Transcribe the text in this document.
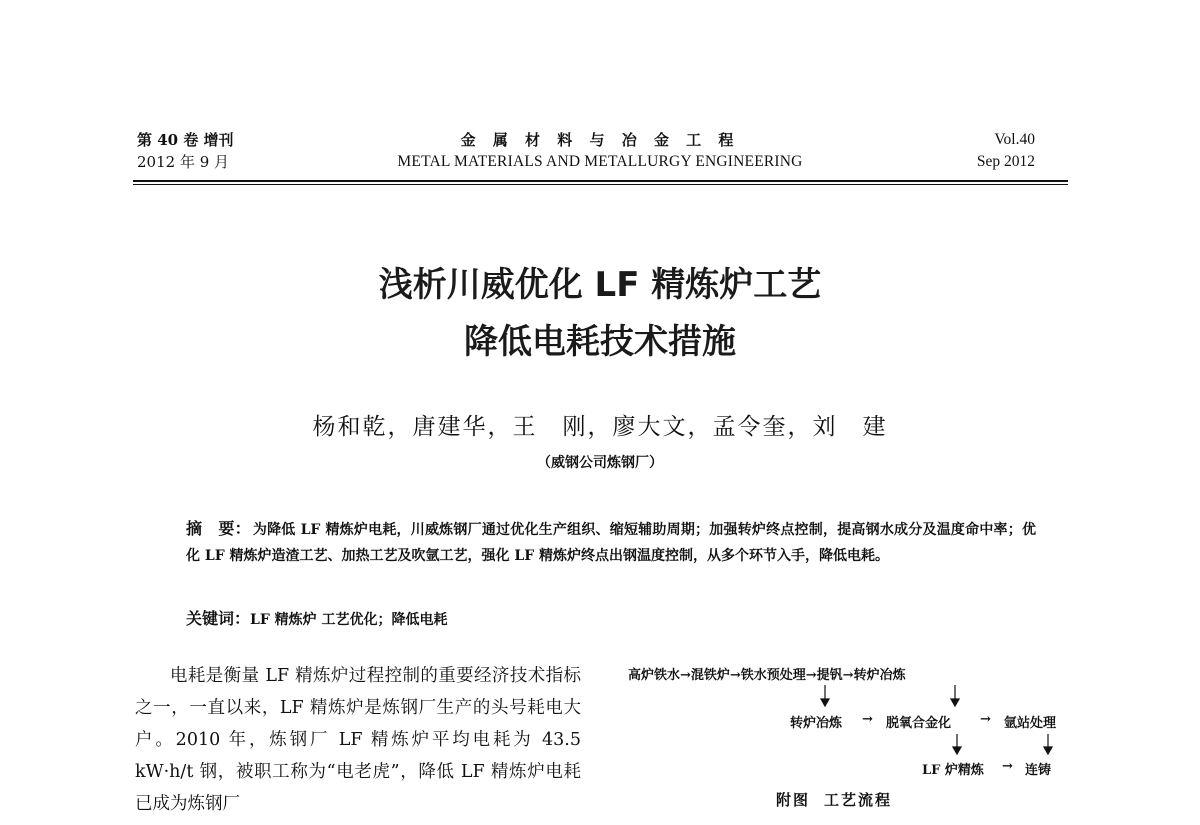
第 40 卷 增刊
2012 年 9 月
金 属 材 料 与 冶 金 工 程
METAL MATERIALS AND METALLURGY ENGINEERING
Vol.40
Sep 2012
浅析川威优化 LF 精炼炉工艺
降低电耗技术措施
杨和乾，唐建华，王　刚，廖大文，孟令奎，刘　建
（威钢公司炼钢厂）
摘　要： 为降低 LF 精炼炉电耗，川威炼钢厂通过优化生产组织、缩短辅助周期；加强转炉终点控制，提高钢水成分及温度命中率；优化 LF 精炼炉造渣工艺、加热工艺及吹氩工艺，强化 LF 精炼炉终点出钢温度控制，从多个环节入手，降低电耗。
关键词：LF 精炼炉 工艺优化；降低电耗

电耗是衡量 LF 精炼炉过程控制的重要经济技术指标之一，一直以来，LF 精炼炉是炼钢厂生产的头号耗电大户。2010 年，炼钢厂 LF 精炼炉平均电耗为 43.5 kW·h/t 钢，被职工称为“电老虎”，降低 LF 精炼炉电耗已成为炼钢厂

高炉铁水→混铁炉→铁水预处理→提钒→转炉冶炼
转炉冶炼 → 脱氧合金化 → 氩站处理
LF 炉精炼 → 连铸
附图 工艺流程
